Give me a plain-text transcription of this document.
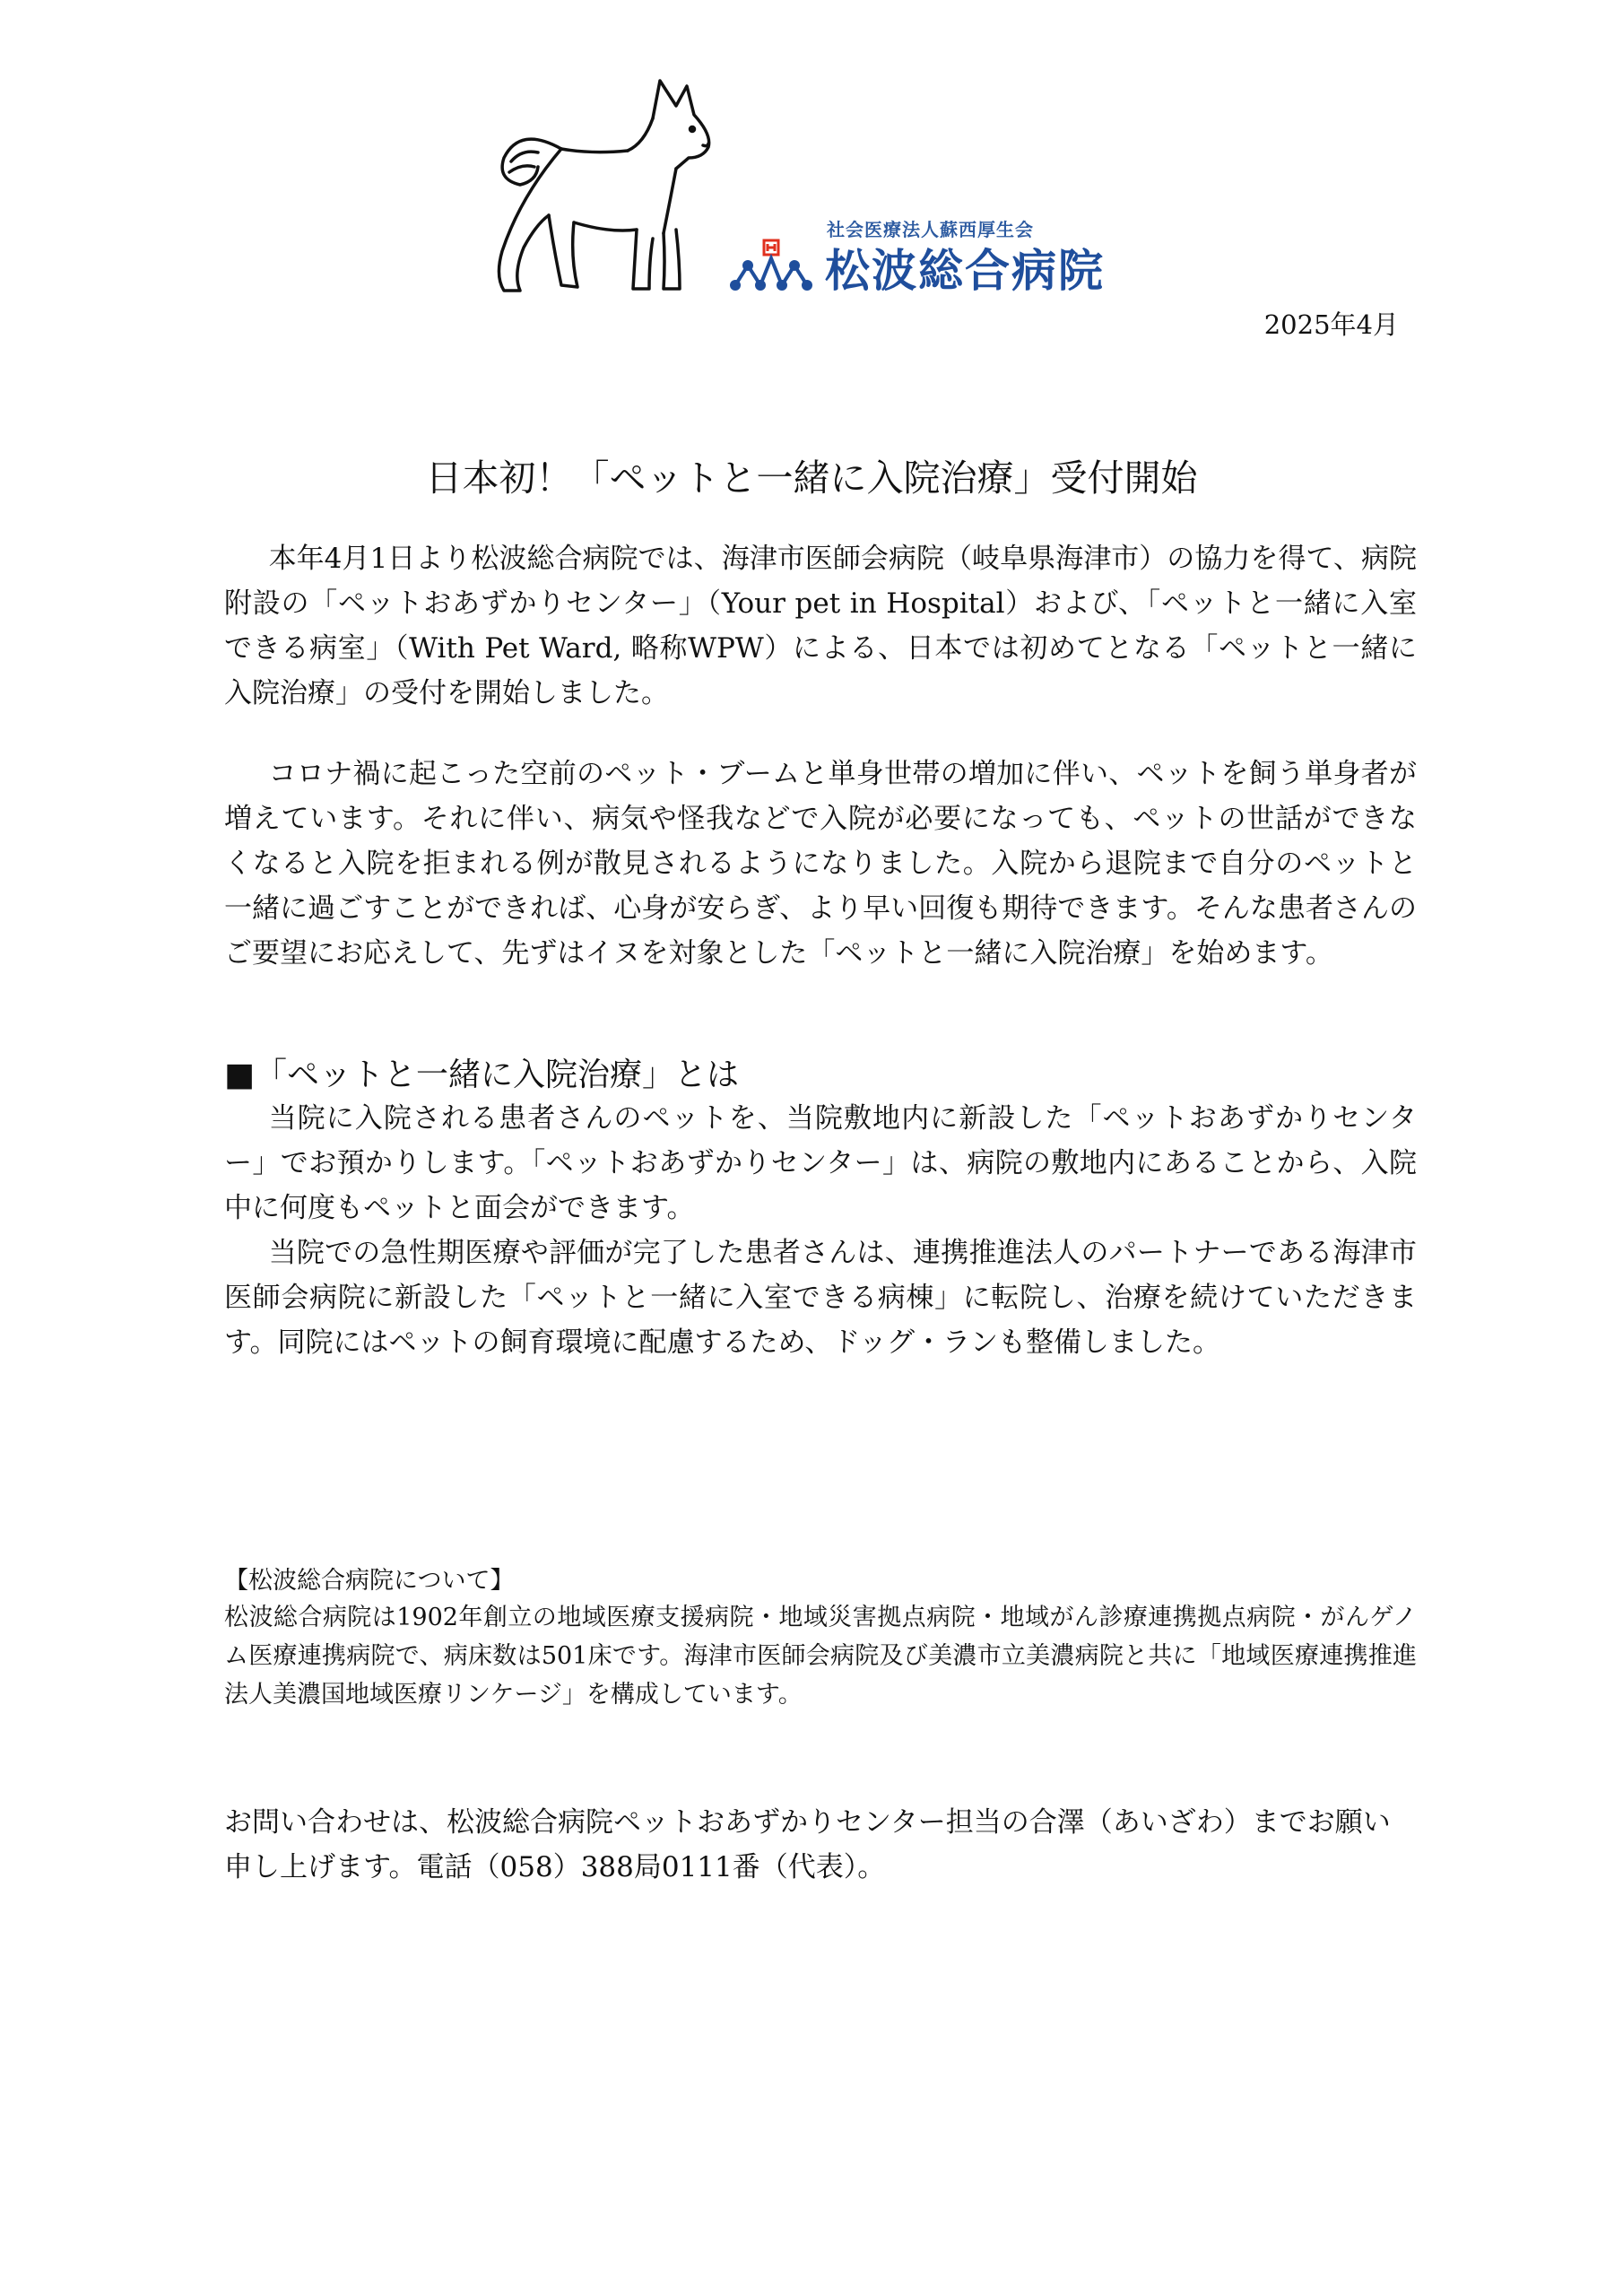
社会医療法人蘇西厚生会
松波総合病院
2025年4月
日本初！「ペットと一緒に入院治療」受付開始

本年4月1日より松波総合病院では、海津市医師会病院（岐阜県海津市）の協力を得て、病院附設の「ペットおあずかりセンター」（Your pet in Hospital）および、「ペットと一緒に入室できる病室」（With Pet Ward, 略称WPW）による、日本では初めてとなる「ペットと一緒に入院治療」の受付を開始しました。

コロナ禍に起こった空前のペット・ブームと単身世帯の増加に伴い、ペットを飼う単身者が増えています。それに伴い、病気や怪我などで入院が必要になっても、ペットの世話ができなくなると入院を拒まれる例が散見されるようになりました。入院から退院まで自分のペットと一緒に過ごすことができれば、心身が安らぎ、より早い回復も期待できます。そんな患者さんのご要望にお応えして、先ずはイヌを対象とした「ペットと一緒に入院治療」を始めます。

■「ペットと一緒に入院治療」とは

当院に入院される患者さんのペットを、当院敷地内に新設した「ペットおあずかりセンター」でお預かりします。「ペットおあずかりセンター」は、病院の敷地内にあることから、入院中に何度もペットと面会ができます。

当院での急性期医療や評価が完了した患者さんは、連携推進法人のパートナーである海津市医師会病院に新設した「ペットと一緒に入室できる病棟」に転院し、治療を続けていただきます。同院にはペットの飼育環境に配慮するため、ドッグ・ランも整備しました。

【松波総合病院について】

松波総合病院は1902年創立の地域医療支援病院・地域災害拠点病院・地域がん診療連携拠点病院・がんゲノム医療連携病院で、病床数は501床です。海津市医師会病院及び美濃市立美濃病院と共に「地域医療連携推進法人美濃国地域医療リンケージ」を構成しています。

お問い合わせは、松波総合病院ペットおあずかりセンター担当の合澤（あいざわ）までお願い申し上げます。電話（058）388局0111番（代表）。
